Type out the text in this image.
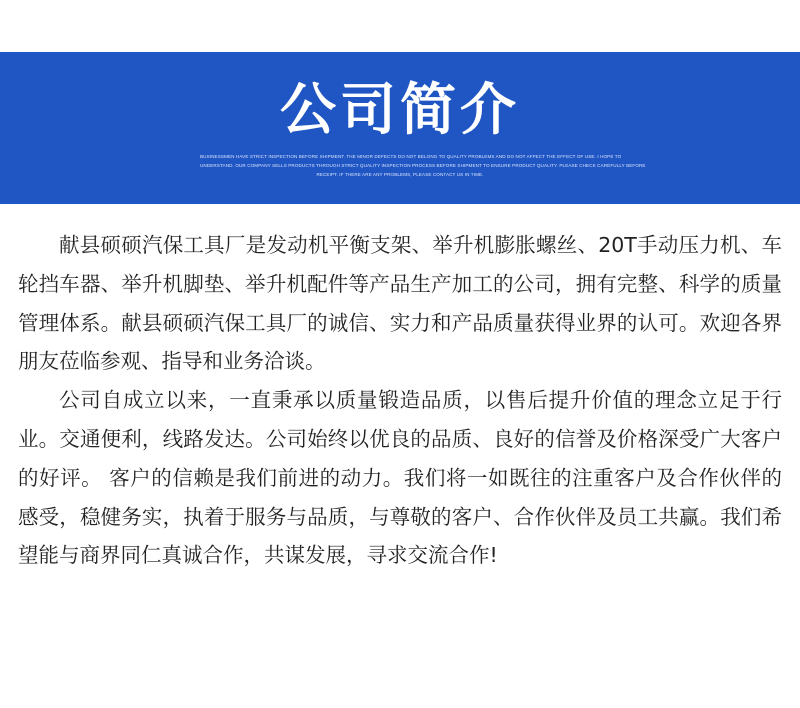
公司简介
BUSINESSMEN HAVE STRICT INSPECTION BEFORE SHIPMENT. THE MINOR DEFECTS DO NOT BELONG TO QUALITY PROBLEMS AND DO NOT AFFECT THE EFFECT OF USE. I HOPE TO
UNDERSTAND. OUR COMPANY SELLS PRODUCTS THROUGH STRICT QUALITY INSPECTION PROCESS BEFORE SHIPMENT TO ENSURE PRODUCT QUALITY. PLEASE CHECK CAREFULLY BEFORE
RECEIPT. IF THERE ARE ANY PROBLEMS, PLEASE CONTACT US IN TIME.

献县硕硕汽保工具厂是发动机平衡支架、举升机膨胀螺丝、20T手动压力机、车轮挡车器、举升机脚垫、举升机配件等产品生产加工的公司，拥有完整、科学的质量管理体系。献县硕硕汽保工具厂的诚信、实力和产品质量获得业界的认可。欢迎各界朋友莅临参观、指导和业务洽谈。

公司自成立以来，一直秉承以质量锻造品质，以售后提升价值的理念立足于行业。交通便利，线路发达。公司始终以优良的品质、良好的信誉及价格深受广大客户的好评。 客户的信赖是我们前进的动力。我们将一如既往的注重客户及合作伙伴的感受，稳健务实，执着于服务与品质，与尊敬的客户、合作伙伴及员工共赢。我们希望能与商界同仁真诚合作，共谋发展，寻求交流合作!
